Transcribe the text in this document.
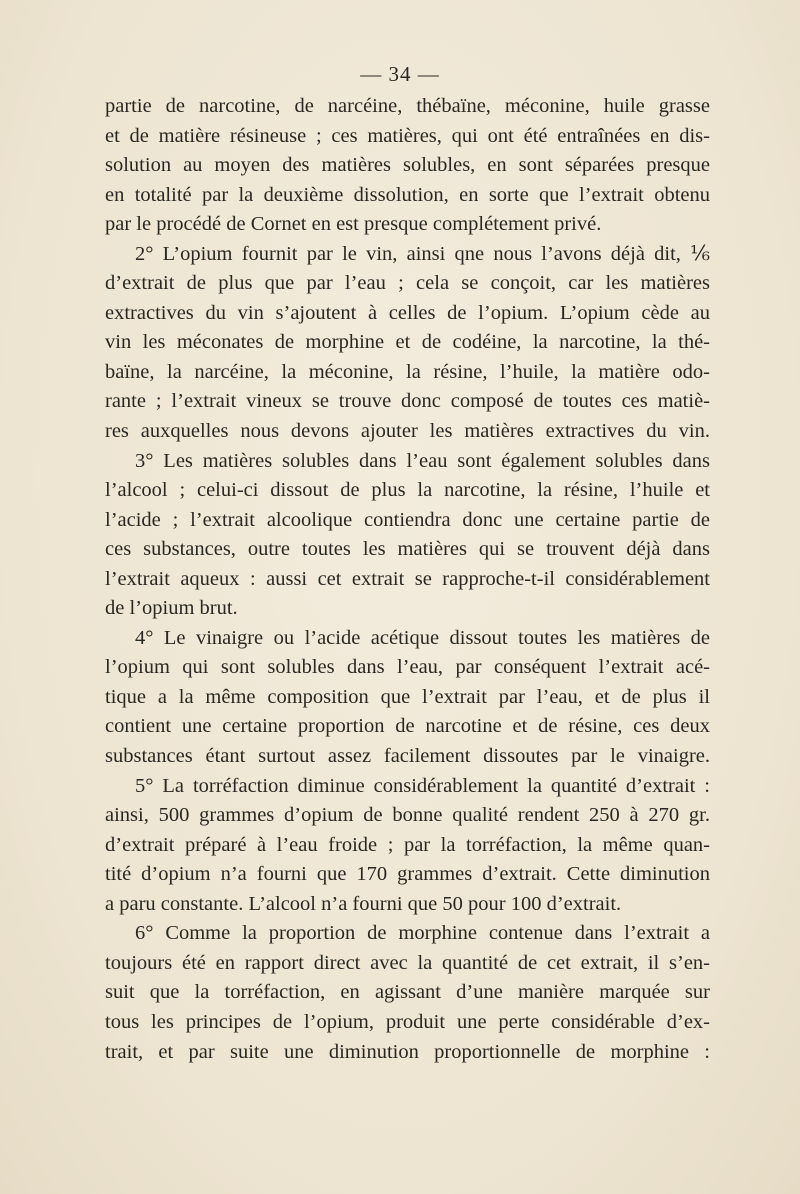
— 34 —
partie de narcotine, de narcéine, thébaïne, méconine, huile grasse
et de matière résineuse ; ces matières, qui ont été entraînées en dis-
solution au moyen des matières solubles, en sont séparées presque
en totalité par la deuxième dissolution, en sorte que l’extrait obtenu
par le procédé de Cornet en est presque complétement privé.
2° L’opium fournit par le vin, ainsi qne nous l’avons déjà dit, ⅙
d’extrait de plus que par l’eau ; cela se conçoit, car les matières
extractives du vin s’ajoutent à celles de l’opium. L’opium cède au
vin les méconates de morphine et de codéine, la narcotine, la thé-
baïne, la narcéine, la méconine, la résine, l’huile, la matière odo-
rante ; l’extrait vineux se trouve donc composé de toutes ces matiè-
res auxquelles nous devons ajouter les matières extractives du vin.
3° Les matières solubles dans l’eau sont également solubles dans
l’alcool ; celui-ci dissout de plus la narcotine, la résine, l’huile et
l’acide ; l’extrait alcoolique contiendra donc une certaine partie de
ces substances, outre toutes les matières qui se trouvent déjà dans
l’extrait aqueux : aussi cet extrait se rapproche-t-il considérablement
de l’opium brut.
4° Le vinaigre ou l’acide acétique dissout toutes les matières de
l’opium qui sont solubles dans l’eau, par conséquent l’extrait acé-
tique a la même composition que l’extrait par l’eau, et de plus il
contient une certaine proportion de narcotine et de résine, ces deux
substances étant surtout assez facilement dissoutes par le vinaigre.
5° La torréfaction diminue considérablement la quantité d’extrait :
ainsi, 500 grammes d’opium de bonne qualité rendent 250 à 270 gr.
d’extrait préparé à l’eau froide ; par la torréfaction, la même quan-
tité d’opium n’a fourni que 170 grammes d’extrait. Cette diminution
a paru constante. L’alcool n’a fourni que 50 pour 100 d’extrait.
6° Comme la proportion de morphine contenue dans l’extrait a
toujours été en rapport direct avec la quantité de cet extrait, il s’en-
suit que la torréfaction, en agissant d’une manière marquée sur
tous les principes de l’opium, produit une perte considérable d’ex-
trait, et par suite une diminution proportionnelle de morphine :
